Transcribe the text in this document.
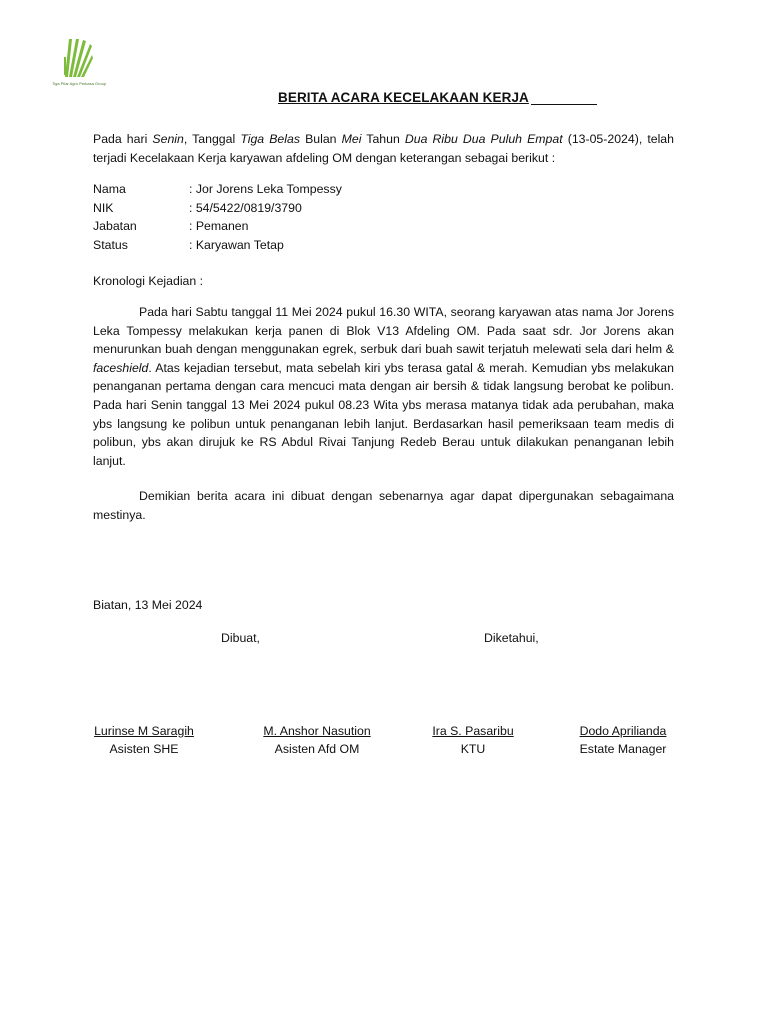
Tiga Pilar Agro Perkasa Group
BERITA ACARA KECELAKAAN KERJA
Pada hari Senin, Tanggal Tiga Belas Bulan Mei Tahun Dua Ribu Dua Puluh Empat (13-05-2024), telah terjadi Kecelakaan Kerja karyawan afdeling OM dengan keterangan sebagai berikut :
Nama	: Jor Jorens Leka Tompessy
NIK	: 54/5422/0819/3790
Jabatan	: Pemanen
Status	: Karyawan Tetap
Kronologi Kejadian :
Pada hari Sabtu tanggal 11 Mei 2024 pukul 16.30 WITA, seorang karyawan atas nama Jor Jorens Leka Tompessy melakukan kerja panen di Blok V13 Afdeling OM. Pada saat sdr. Jor Jorens akan menurunkan buah dengan menggunakan egrek, serbuk dari buah sawit terjatuh melewati sela dari helm & faceshield. Atas kejadian tersebut, mata sebelah kiri ybs terasa gatal & merah. Kemudian ybs melakukan penanganan pertama dengan cara mencuci mata dengan air bersih & tidak langsung berobat ke polibun. Pada hari Senin tanggal 13 Mei 2024 pukul 08.23 Wita ybs merasa matanya tidak ada perubahan, maka ybs langsung ke polibun untuk penanganan lebih lanjut. Berdasarkan hasil pemeriksaan team medis di polibun, ybs akan dirujuk ke RS Abdul Rivai Tanjung Redeb Berau untuk dilakukan penanganan lebih lanjut.
Demikian berita acara ini dibuat dengan sebenarnya agar dapat dipergunakan sebagaimana mestinya.
Biatan, 13 Mei 2024
Dibuat,	Diketahui,
Lurinse M Saragih
Asisten SHE
M. Anshor Nasution
Asisten Afd OM
Ira S. Pasaribu
KTU
Dodo Aprilianda
Estate Manager
